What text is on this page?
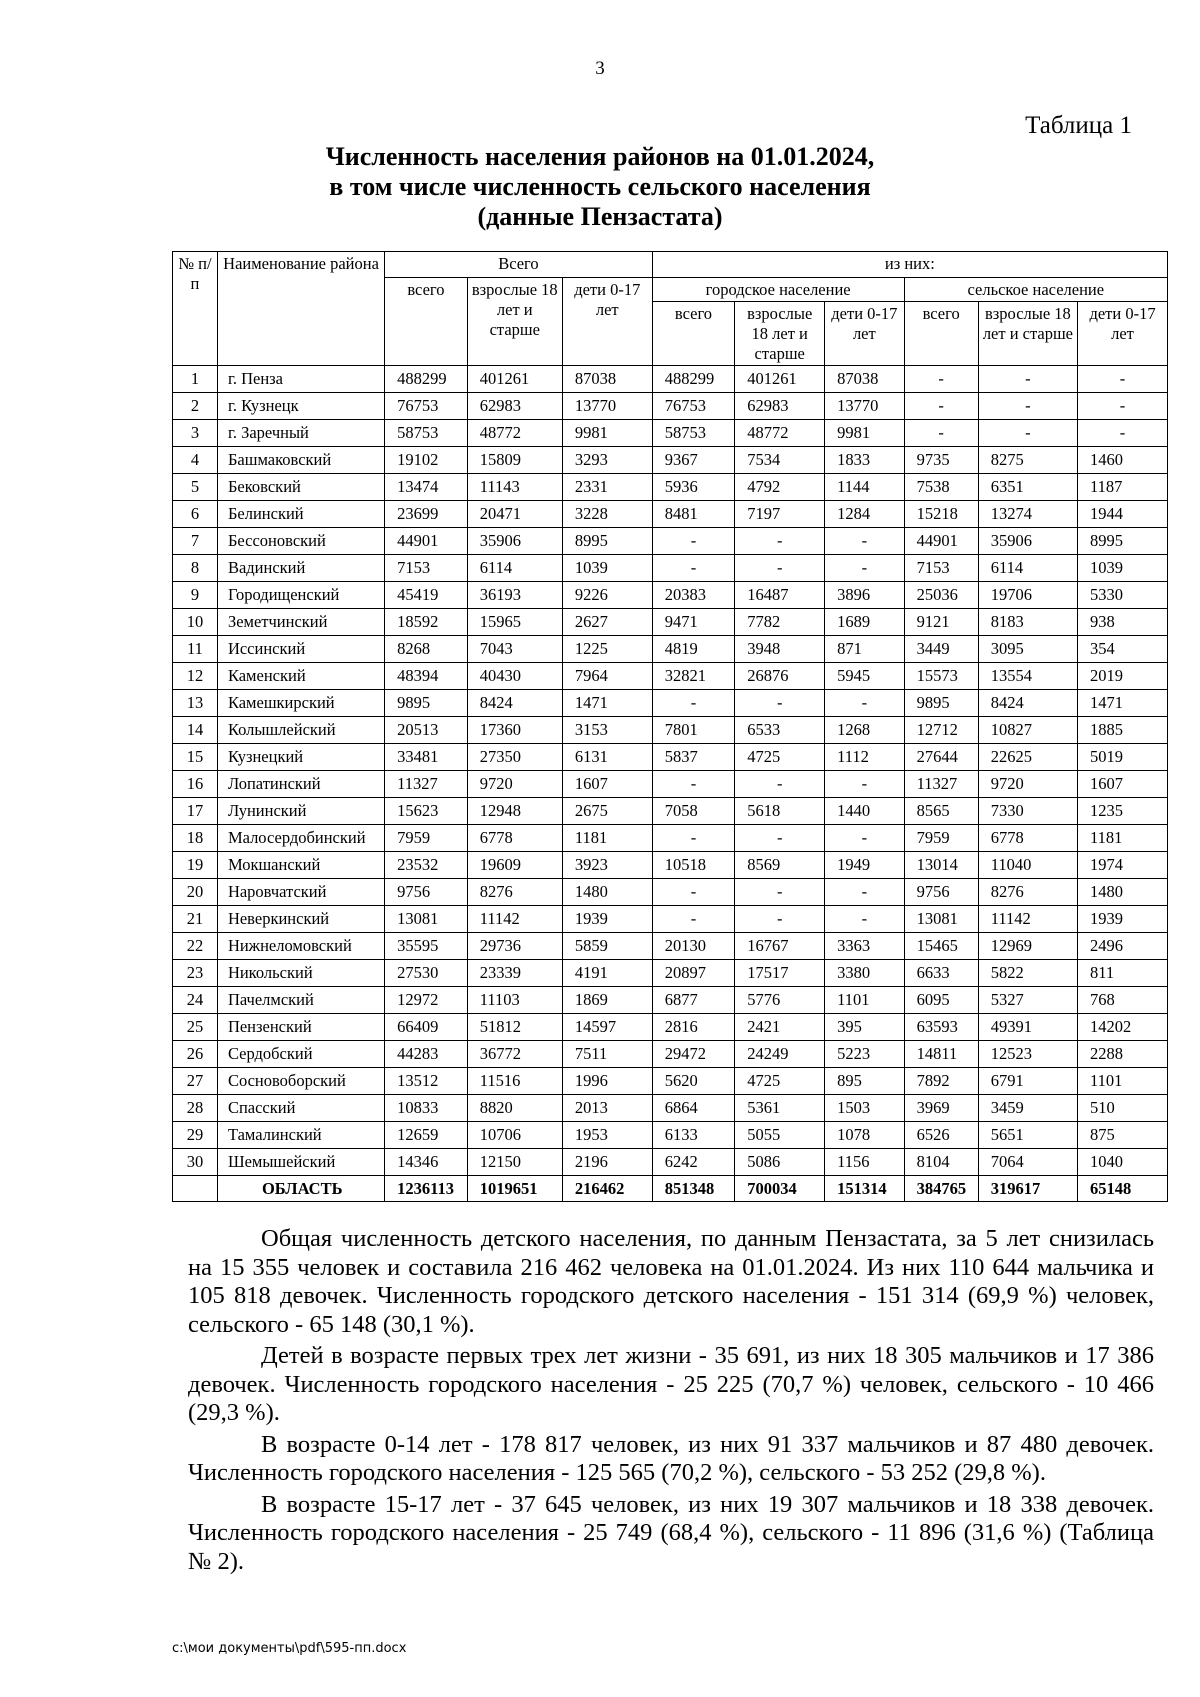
3
Таблица 1
Численность населения районов на 01.01.2024,
в том числе численность сельского населения
(данные Пензастата)
№ п/п	Наименование района	Всего			из них:					
		всего	взрослые 18 лет и старше	дети 0-17 лет	городское население			сельское население		
					всего	взрослые 18 лет и старше	дети 0-17 лет	всего	взрослые 18 лет и старше	дети 0-17 лет
1	г. Пенза	488299	401261	87038	488299	401261	87038	-	-	-
2	г. Кузнецк	76753	62983	13770	76753	62983	13770	-	-	-
3	г. Заречный	58753	48772	9981	58753	48772	9981	-	-	-
4	Башмаковский	19102	15809	3293	9367	7534	1833	9735	8275	1460
5	Бековский	13474	11143	2331	5936	4792	1144	7538	6351	1187
6	Белинский	23699	20471	3228	8481	7197	1284	15218	13274	1944
7	Бессоновский	44901	35906	8995	-	-	-	44901	35906	8995
8	Вадинский	7153	6114	1039	-	-	-	7153	6114	1039
9	Городищенский	45419	36193	9226	20383	16487	3896	25036	19706	5330
10	Земетчинский	18592	15965	2627	9471	7782	1689	9121	8183	938
11	Иссинский	8268	7043	1225	4819	3948	871	3449	3095	354
12	Каменский	48394	40430	7964	32821	26876	5945	15573	13554	2019
13	Камешкирский	9895	8424	1471	-	-	-	9895	8424	1471
14	Колышлейский	20513	17360	3153	7801	6533	1268	12712	10827	1885
15	Кузнецкий	33481	27350	6131	5837	4725	1112	27644	22625	5019
16	Лопатинский	11327	9720	1607	-	-	-	11327	9720	1607
17	Лунинский	15623	12948	2675	7058	5618	1440	8565	7330	1235
18	Малосердобинский	7959	6778	1181	-	-	-	7959	6778	1181
19	Мокшанский	23532	19609	3923	10518	8569	1949	13014	11040	1974
20	Наровчатский	9756	8276	1480	-	-	-	9756	8276	1480
21	Неверкинский	13081	11142	1939	-	-	-	13081	11142	1939
22	Нижнеломовский	35595	29736	5859	20130	16767	3363	15465	12969	2496
23	Никольский	27530	23339	4191	20897	17517	3380	6633	5822	811
24	Пачелмский	12972	11103	1869	6877	5776	1101	6095	5327	768
25	Пензенский	66409	51812	14597	2816	2421	395	63593	49391	14202
26	Сердобский	44283	36772	7511	29472	24249	5223	14811	12523	2288
27	Сосновоборский	13512	11516	1996	5620	4725	895	7892	6791	1101
28	Спасский	10833	8820	2013	6864	5361	1503	3969	3459	510
29	Тамалинский	12659	10706	1953	6133	5055	1078	6526	5651	875
30	Шемышейский	14346	12150	2196	6242	5086	1156	8104	7064	1040
	ОБЛАСТЬ	1236113	1019651	216462	851348	700034	151314	384765	319617	65148

Общая численность детского населения, по данным Пензастата, за 5 лет снизилась на 15 355 человек и составила 216 462 человека на 01.01.2024. Из них 110 644 мальчика и 105 818 девочек. Численность городского детского населения - 151 314 (69,9 %) человек, сельского - 65 148 (30,1 %).

Детей в возрасте первых трех лет жизни - 35 691, из них 18 305 мальчиков и 17 386 девочек. Численность городского населения - 25 225 (70,7 %) человек, сельского - 10 466 (29,3 %).

В возрасте 0-14 лет - 178 817 человек, из них 91 337 мальчиков и 87 480 девочек. Численность городского населения - 125 565 (70,2 %), сельского - 53 252 (29,8 %).

В возрасте 15-17 лет - 37 645 человек, из них 19 307 мальчиков и 18 338 девочек. Численность городского населения - 25 749 (68,4 %), сельского - 11 896 (31,6 %) (Таблица № 2).

c:\мои документы\pdf\595-пп.docx
